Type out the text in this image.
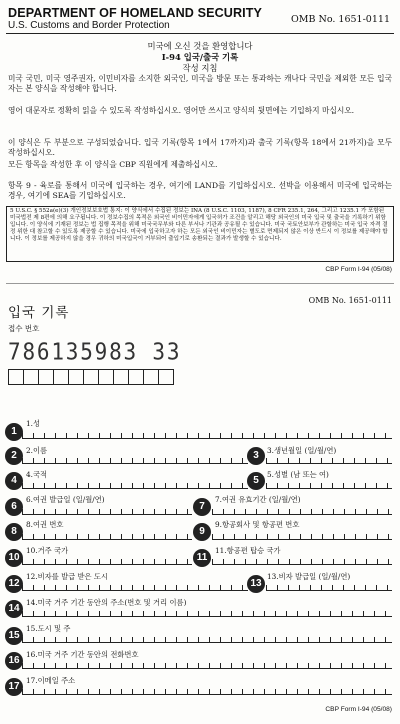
DEPARTMENT OF HOMELAND SECURITY
U.S. Customs and Border Protection
OMB No. 1651-0111
미국에 오신 것을 환영합니다
I-94 입국/출국 기록
작성 지침
미국 국민, 미국 영주권자, 이민비자를 소지한 외국인, 미국을 방문 또는 통과하는 캐나다 국민을 제외한 모든 입국자는 본 양식을 작성해야 합니다.
영어 대문자로 정확히 읽을 수 있도록 작성하십시오. 영어만 쓰시고 양식의 뒷면에는 기입하지 마십시오.
이 양식은 두 부분으로 구성되었습니다. 입국 기록(항목 1에서 17까지)과 출국 기록(항목 18에서 21까지)을 모두 작성하십시오.
모든 항목을 작성한 후 이 양식을 CBP 직원에게 제출하십시오.
항목 9 - 육로를 통해서 미국에 입국하는 경우, 여기에 LAND를 기입하십시오. 선박을 이용해서 미국에 입국하는 경우, 여기에 SEA를 기입하십시오.
5 U.S.C. § 552a(e)(3) 개인정보보호법 통지: 이 양식에서 수집된 정보는 INA (8 U.S.C. 1103, 1187), 8 CFR 235.1, 264, 그리고 1235.1 가 포함된 미국법전 제 8편에 의해 요구됩니다. 이 정보수집의 목적은 외국인 비이민자에게 입국허가 조건을 알리고 해당 외국인의 미국 입국 및 출국을 기록하기 위함입니다. 이 양식에 기재된 정보는 법 집행 목적을 위해 미국국무부와 다른 부서나 기관과 공유될 수 있습니다. 미국 국토안보부가 관할하는 미국 입국 자격 결정 위한 대 참고할 수 있도록 제공할 수 있습니다. 미국에 입국하고자 하는 모든 외국인 비이민자는 별도로 면제되지 않은 이상 반드시 이 정보를 제공해야 합니다. 이 정보를 제공하지 않을 경우 귀하의 미국입국이 거부되어 출입기로 송환되는 결과가 발생할 수 있습니다.
CBP Form I-94 (05/08)
OMB No. 1651-0111
입국 기록
접수 번호
786135983 33
1.성
1
2.이름
2	3.생년월일 (일/월/연)
3
4.국적
4
5.성별 (남 또는 여)
5
6.여권 발급일 (일/월/연)
6
7.여권 유효기간 (일/월/연)
7
8.여권 번호
8
9.항공회사 및 항공편 번호
9
10.거주 국가
10
11.항공편 탑승 국가
11
12.비자를 발급 받은 도시
12
13.비자 발급일 (일/월/연)
13
14.미국 거주 기간 동안의 주소(번호 및 거리 이름)
14
15.도시 및 주
15
16.미국 거주 기간 동안의 전화번호
16
17.이메일 주소
17
CBP Form I-94 (05/08)
